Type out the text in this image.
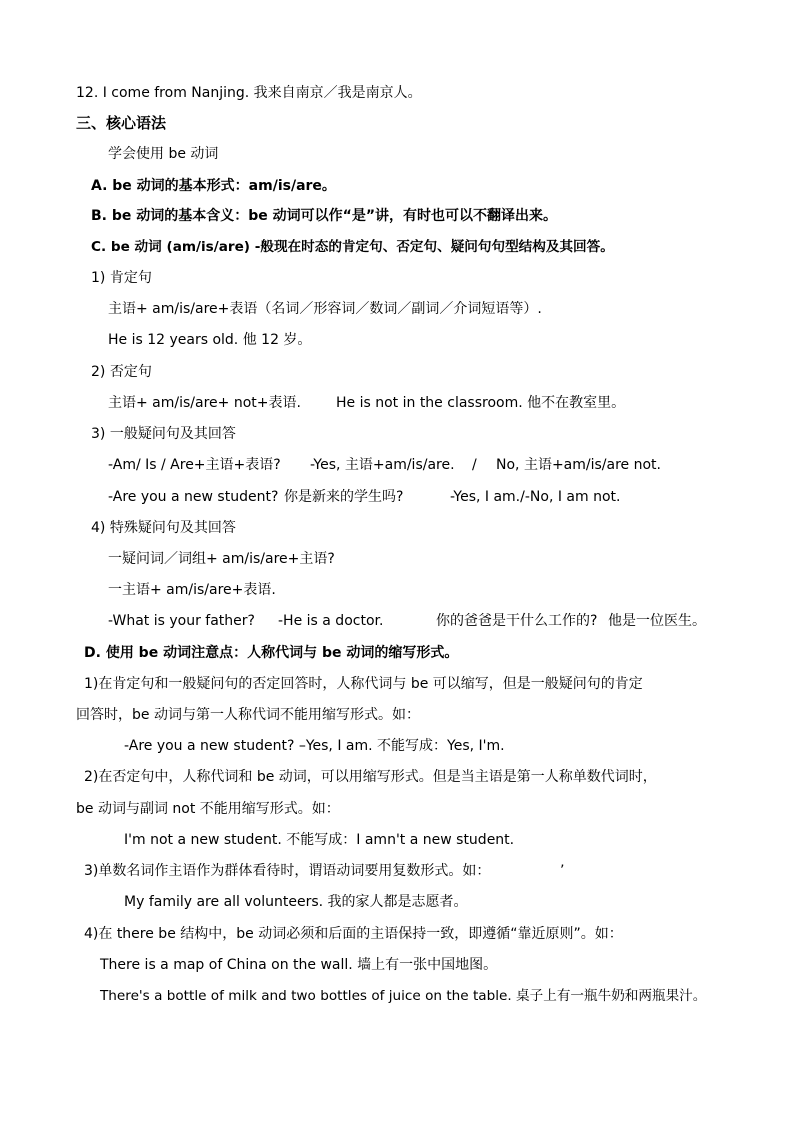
12. I come from Nanjing. 我来自南京／我是南京人。
三、核心语法
学会使用 be 动词
A. be 动词的基本形式：am/is/are。
B. be 动词的基本含义：be 动词可以作“是”讲，有时也可以不翻译出来。
C. be 动词 (am/is/are) -般现在时态的肯定句、否定句、疑问句句型结构及其回答。
1) 肯定句
主语+ am/is/are+表语（名词／形容词／数词／副词／介词短语等）.
He is 12 years old. 他 12 岁。
2) 否定句
主语+ am/is/are+ not+表语.	He is not in the classroom. 他不在教室里。
3) 一般疑问句及其回答
-Am/ Is / Are+主语+表语? -Yes, 主语+am/is/are. / No, 主语+am/is/are not.
-Are you a new student? 你是新来的学生吗?	-Yes, I am./-No, I am not.
4) 特殊疑问句及其回答
一疑问词／词组+ am/is/are+主语?
一主语+ am/is/are+表语.
-What is your father? -He is a doctor.	你的爸爸是干什么工作的? 他是一位医生。
D. 使用 be 动词注意点：人称代词与 be 动词的缩写形式。
1)在肯定句和一般疑问句的否定回答时，人称代词与 be 可以缩写，但是一般疑问句的肯定
回答时，be 动词与第一人称代词不能用缩写形式。如：
-Are you a new student? –Yes, I am. 不能写成：Yes, I'm.
2)在否定句中，人称代词和 be 动词，可以用缩写形式。但是当主语是第一人称单数代词时，
be 动词与副词 not 不能用缩写形式。如：
I'm not a new student. 不能写成：I amn't a new student.
3)单数名词作主语作为群体看待时，谓语动词要用复数形式。如：	’
My family are all volunteers. 我的家人都是志愿者。
4)在 there be 结构中，be 动词必须和后面的主语保持一致，即遵循“靠近原则”。如：
There is a map of China on the wall. 墙上有一张中国地图。
There's a bottle of milk and two bottles of juice on the table. 桌子上有一瓶牛奶和两瓶果汁。
